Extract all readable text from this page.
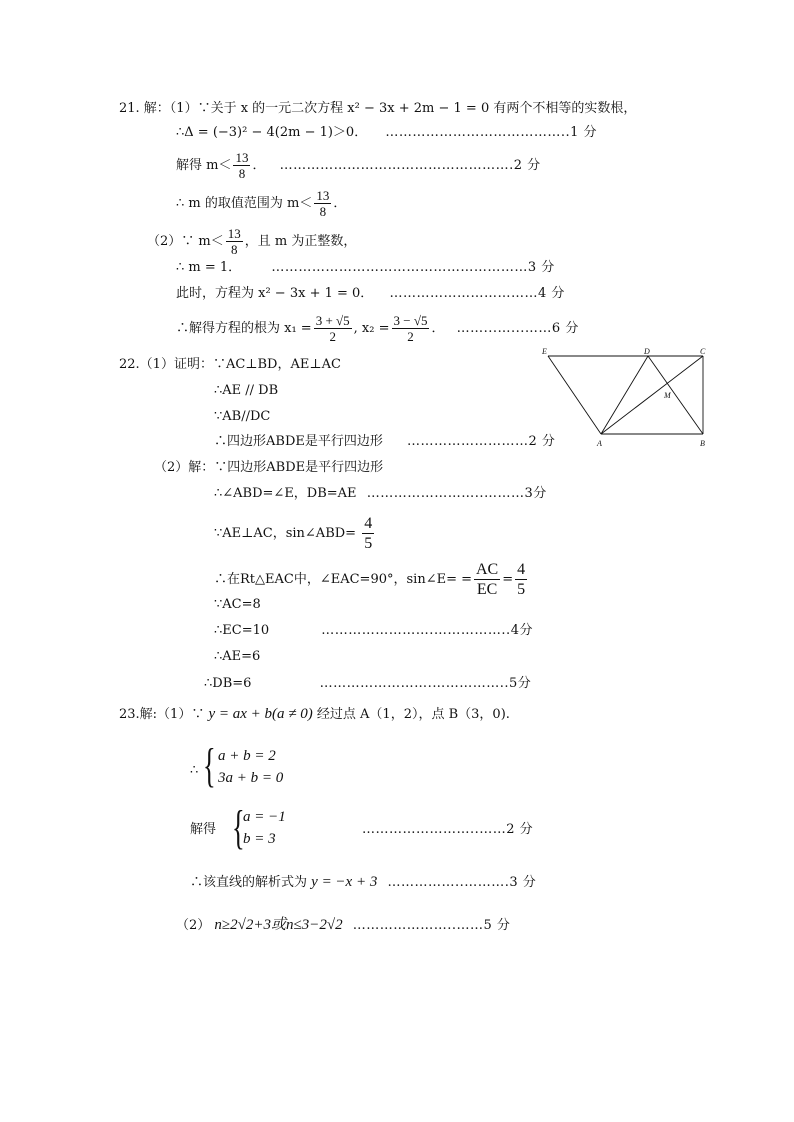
21. 解：（1）∵关于 x 的一元二次方程 x² − 3x + 2m − 1 = 0 有两个不相等的实数根，
∴Δ = (−3)² − 4(2m − 1)＞0． …………………………………..1 分
解得 $m< \frac{13}{8}$ ． …………………………………………….2 分
∴ m 的取值范围为 $m< \frac{13}{8}$ ．
（2）∵ $m< \frac{13}{8}$ ，且 m 为正整数，
∴ m = 1． …………………………………………………3 分
此时，方程为 x² − 3x + 1 = 0． ……………………………4 分
∴解得方程的根为 $x_1 = \frac{3 + √5}{2}$ , $x_2 = \frac{3 - √5}{2}$ ． ……...…...……6 分
22.（1）证明：∵AC⊥BD，AE⊥AC
∴AE // DB
∵AB//DC
∴四边形ABDE是平行四边形 ………………………2 分
E	D	C
M
A	B
（2）解：∵四边形ABDE是平行四边形
∴∠ABD=∠E，DB=AE ……………………..………3分
∵AE⊥AC，sin∠ABD= $\frac{4}{5}$
∴在Rt△EAC中，∠EAC=90°，sin∠E= = $\frac{AC}{EC} = \frac{4}{5}$
∵AC=8
∴EC=10	…………………….……………..4分
∴AE=6
∴DB=6	…………………….……………..5分
23.解:（1）∵ y = ax + b(a ≠ 0) 经过点 A（1，2），点 B（3，0).
∴ { a + b = 2
3a + b = 0
解得 {
a = −1
b = 3
……………………..……2 分
∴该直线的解析式为 y = −x + 3 ……………..……….3 分
（2） n≥2√2+3或n≤3−2√2 …………………..……5 分
